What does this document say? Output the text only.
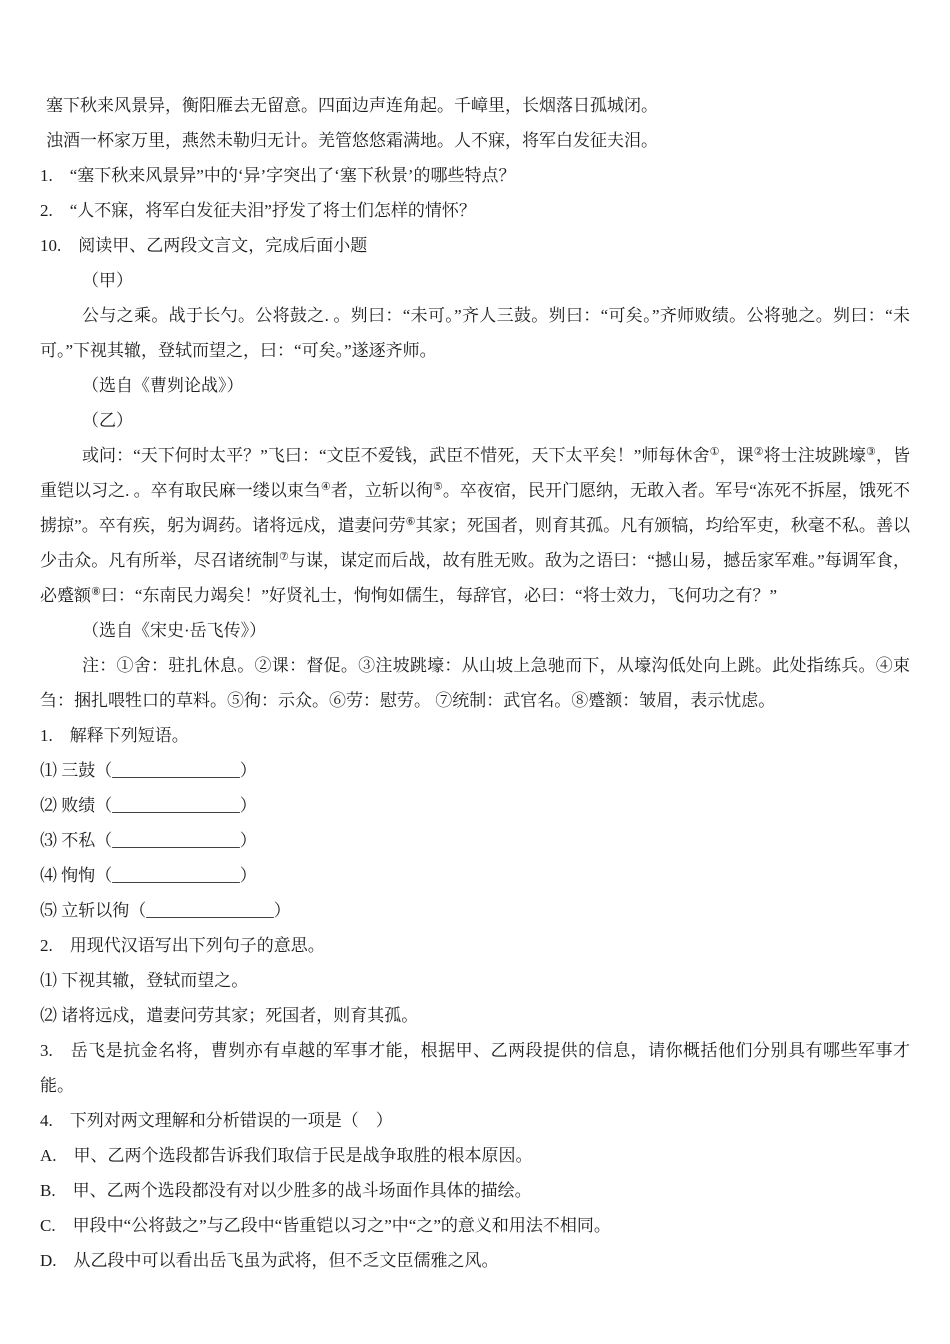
塞下秋来风景异，衡阳雁去无留意。四面边声连角起。千嶂里，长烟落日孤城闭。

浊酒一杯家万里，燕然未勒归无计。羌管悠悠霜满地。人不寐，将军白发征夫泪。

1.　“塞下秋来风景异”中的‘异’字突出了‘塞下秋景’的哪些特点？

2.　“人不寐，将军白发征夫泪”抒发了将士们怎样的情怀？

10.　阅读甲、乙两段文言文，完成后面小题

（甲）

公与之乘。战于长勺。公将鼓之. 。刿曰：“未可。”齐人三鼓。刿曰：“可矣。”齐师败绩。公将驰之。刿曰：“未可。”下视其辙，登轼而望之，曰：“可矣。”遂逐齐师。

（选自《曹刿论战》）

（乙）

或问：“天下何时太平？”飞曰：“文臣不爱钱，武臣不惜死，天下太平矣！”师每休舍①，课②将士注坡跳壕③，皆重铠以习之. 。卒有取民麻一缕以束刍④者，立斩以徇⑤。卒夜宿，民开门愿纳，无敢入者。军号“冻死不拆屋，饿死不掳掠”。卒有疾，躬为调药。诸将远戍，遣妻问劳⑥其家；死国者，则育其孤。凡有颁犒，均给军吏，秋毫不私。善以少击众。凡有所举，尽召诸统制⑦与谋，谋定而后战，故有胜无败。敌为之语曰：“撼山易，撼岳家军难。”每调军食，必蹙额⑧曰：“东南民力竭矣！”好贤礼士，恂恂如儒生，每辞官，必曰：“将士效力，飞何功之有？”

（选自《宋史·岳飞传》）

注：①舍：驻扎休息。②课：督促。③注坡跳壕：从山坡上急驰而下，从壕沟低处向上跳。此处指练兵。④束刍：捆扎喂牲口的草料。⑤徇：示众。⑥劳：慰劳。 ⑦统制：武官名。⑧蹙额：皱眉，表示忧虑。

1.　解释下列短语。

⑴ 三鼓（_______________）

⑵ 败绩（_______________）

⑶ 不私（_______________）

⑷ 恂恂（_______________）

⑸ 立斩以徇（_______________）

2.　用现代汉语写出下列句子的意思。

⑴ 下视其辙，登轼而望之。

⑵ 诸将远戍，遣妻问劳其家；死国者，则育其孤。

3.　岳飞是抗金名将，曹刿亦有卓越的军事才能，根据甲、乙两段提供的信息，请你概括他们分别具有哪些军事才能。

4.　下列对两文理解和分析错误的一项是（　）

A.　甲、乙两个选段都告诉我们取信于民是战争取胜的根本原因。

B.　甲、乙两个选段都没有对以少胜多的战斗场面作具体的描绘。

C.　甲段中“公将鼓之”与乙段中“皆重铠以习之”中“之”的意义和用法不相同。

D.　从乙段中可以看出岳飞虽为武将，但不乏文臣儒雅之风。
